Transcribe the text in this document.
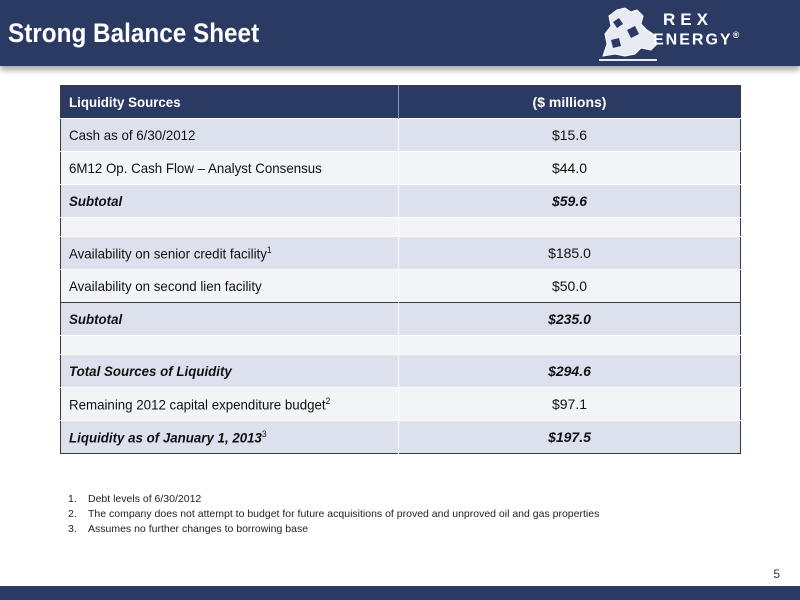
Strong Balance Sheet	REX
ENERGY®
Liquidity Sources	($ millions)
Cash as of 6/30/2012	$15.6
6M12 Op. Cash Flow – Analyst Consensus	$44.0
Subtotal	$59.6

Availability on senior credit facility$^1$	$185.0
Availability on second lien facility	$50.0
Subtotal	$235.0

Total Sources of Liquidity	$294.6
Remaining 2012 capital expenditure budget$^2$	$97.1
Liquidity as of January 1, 2013$^3$	$197.5
1. Debt levels of 6/30/2012
2. The company does not attempt to budget for future acquisitions of proved and unproved oil and gas properties
3. Assumes no further changes to borrowing base
5
